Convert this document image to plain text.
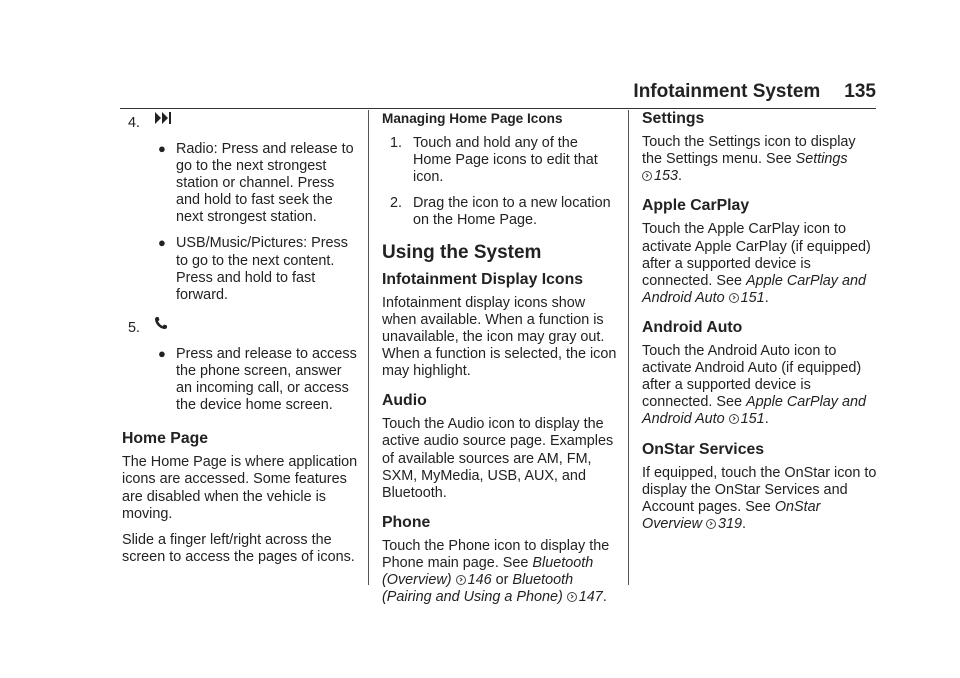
Infotainment System 135
4.
● Radio: Press and release to go to the next strongest station or channel. Press and hold to fast seek the next strongest station.

● USB/Music/Pictures: Press to go to the next content. Press and hold to fast forward.

5.
● Press and release to access the phone screen, answer an incoming call, or access the device home screen.

Home Page

The Home Page is where application icons are accessed. Some features are disabled when the vehicle is moving.

Slide a finger left/right across the screen to access the pages of icons.

Managing Home Page Icons
1. Touch and hold any of the Home Page icons to edit that icon.

2. Drag the icon to a new location on the Home Page.

Using the System
Infotainment Display Icons

Infotainment display icons show when available. When a function is unavailable, the icon may gray out. When a function is selected, the icon may highlight.

Audio

Touch the Audio icon to display the active audio source page. Examples of available sources are AM, FM, SXM, MyMedia, USB, AUX, and Bluetooth.

Phone

Touch the Phone icon to display the Phone main page. See Bluetooth (Overview) 146 or Bluetooth (Pairing and Using a Phone) 147.

Settings

Touch the Settings icon to display the Settings menu. See Settings
153.

Apple CarPlay

Touch the Apple CarPlay icon to activate Apple CarPlay (if equipped) after a supported device is connected. See Apple CarPlay and Android Auto 151.

Android Auto

Touch the Android Auto icon to activate Android Auto (if equipped) after a supported device is connected. See Apple CarPlay and Android Auto 151.

OnStar Services

If equipped, touch the OnStar icon to display the OnStar Services and Account pages. See OnStar Overview 319.
